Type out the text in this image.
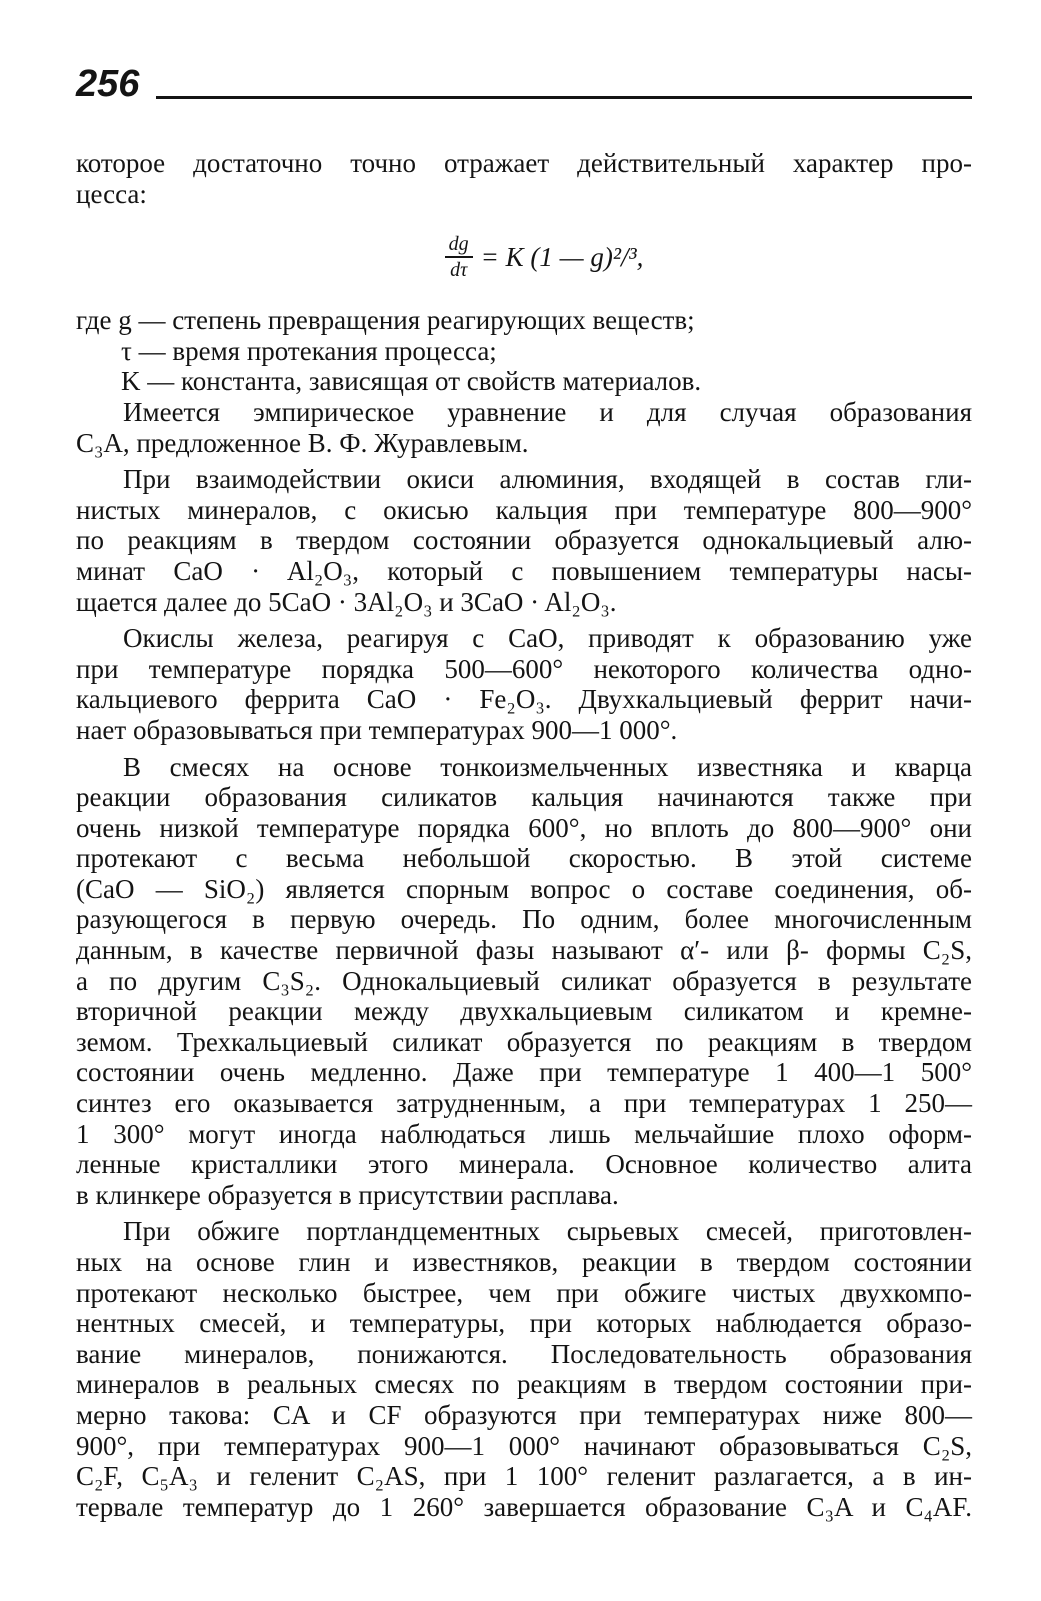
256
которое достаточно точно отражает действительный характер про-
цесса:
$\frac{dg}{d\tau} = K$ (1 — g)²/³,
где g — степень превращения реагирующих веществ;
τ — время протекания процесса;
K — константа, зависящая от свойств материалов.
Имеется эмпирическое уравнение и для случая образования
C₃A, предложенное В. Ф. Журавлевым.
При взаимодействии окиси алюминия, входящей в состав гли-
нистых минералов, с окисью кальция при температуре 800—900°
по реакциям в твердом состоянии образуется однокальциевый алю-
минат CaO · Al₂O₃, который с повышением температуры насы-
щается далее до 5CaO · 3Al₂O₃ и 3CaO · Al₂O₃.
Окислы железа, реагируя с CaO, приводят к образованию уже
при температуре порядка 500—600° некоторого количества одно-
кальциевого феррита CaO · Fe₂O₃. Двухкальциевый феррит начи-
нает образовываться при температурах 900—1 000°.
В смесях на основе тонкоизмельченных известняка и кварца
реакции образования силикатов кальция начинаются также при
очень низкой температуре порядка 600°, но вплоть до 800—900° они
протекают с весьма небольшой скоростью. В этой системе
(CaO — SiO₂) является спорным вопрос о составе соединения, об-
разующегося в первую очередь. По одним, более многочисленным
данным, в качестве первичной фазы называют α′- или β- формы C₂S,
а по другим C₃S₂. Однокальциевый силикат образуется в результате
вторичной реакции между двухкальциевым силикатом и кремне-
земом. Трехкальциевый силикат образуется по реакциям в твердом
состоянии очень медленно. Даже при температуре 1 400—1 500°
синтез его оказывается затрудненным, а при температурах 1 250—
1 300° могут иногда наблюдаться лишь мельчайшие плохо оформ-
ленные кристаллики этого минерала. Основное количество алита
в клинкере образуется в присутствии расплава.
При обжиге портландцементных сырьевых смесей, приготовлен-
ных на основе глин и известняков, реакции в твердом состоянии
протекают несколько быстрее, чем при обжиге чистых двухкомпо-
нентных смесей, и температуры, при которых наблюдается образо-
вание минералов, понижаются. Последовательность образования
минералов в реальных смесях по реакциям в твердом состоянии при-
мерно такова: CA и CF образуются при температурах ниже 800—
900°, при температурах 900—1 000° начинают образовываться C₂S,
C₂F, C₅A₃ и геленит C₂AS, при 1 100° геленит разлагается, а в ин-
тервале температур до 1 260° завершается образование C₃A и C₄AF.
